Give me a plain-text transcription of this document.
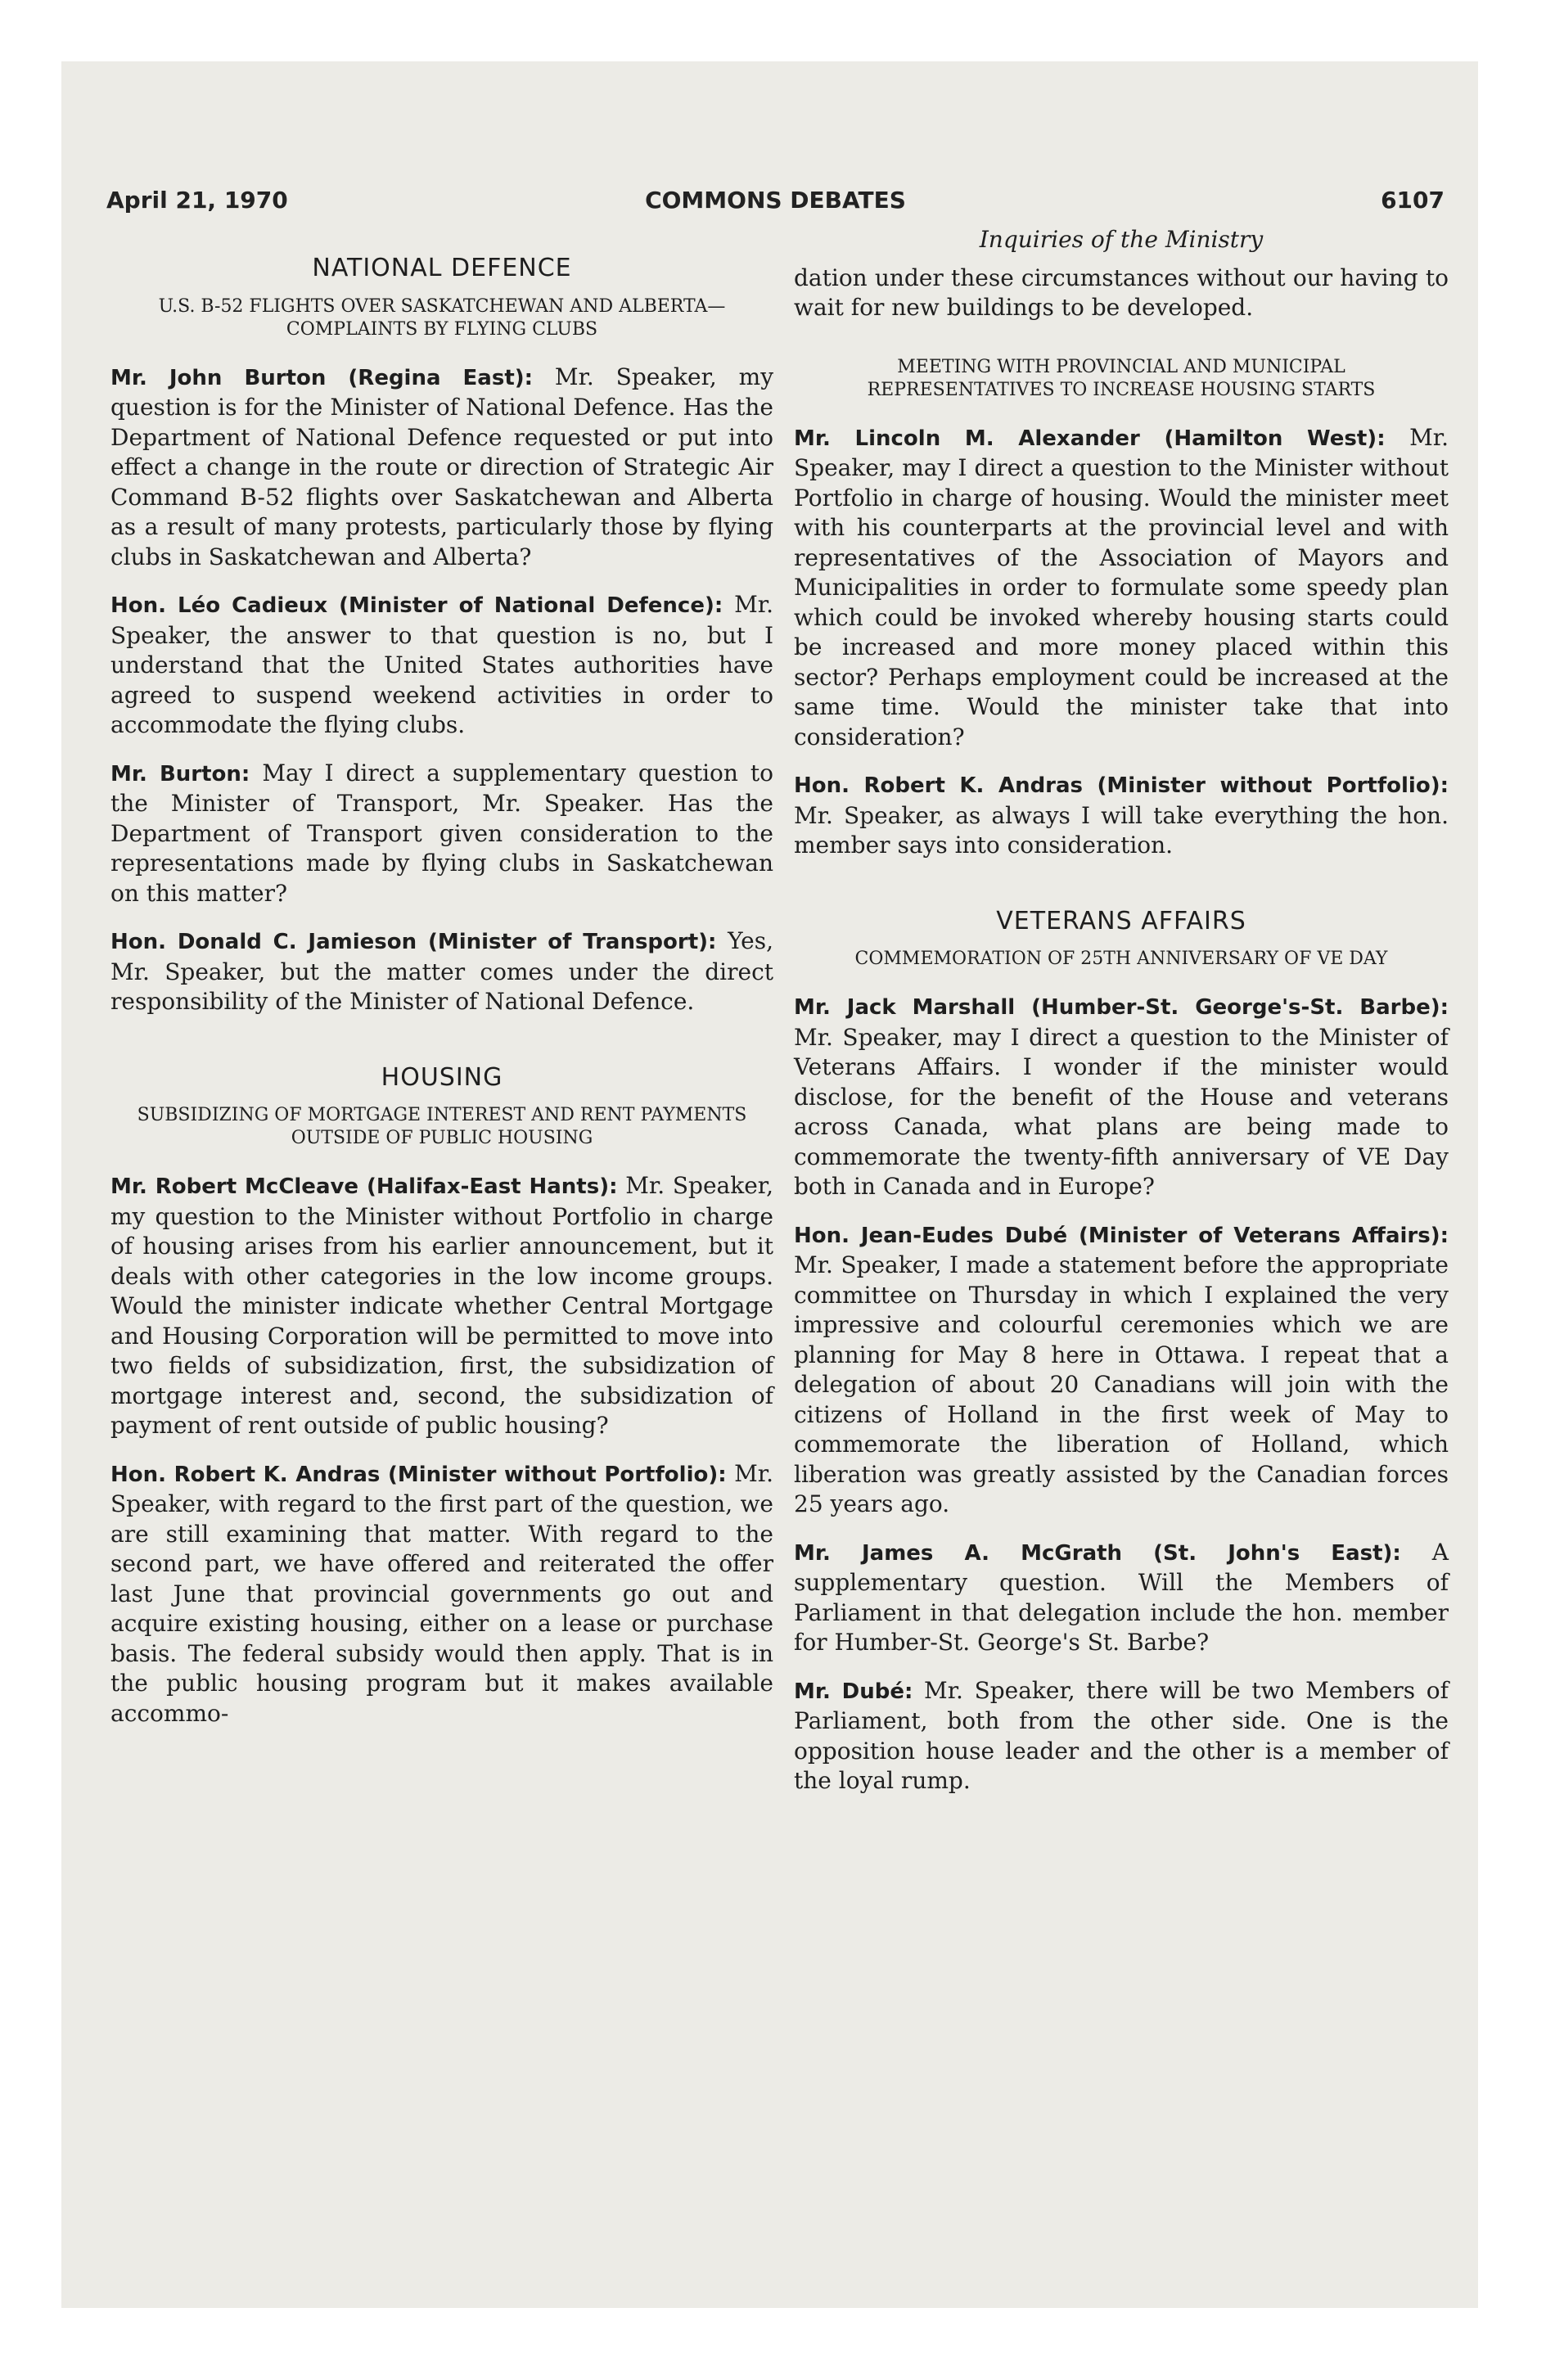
April 21, 1970	COMMONS DEBATES	6107
NATIONAL DEFENCE
U.S. B-52 FLIGHTS OVER SASKATCHEWAN AND ALBERTA—COMPLAINTS BY FLYING CLUBS

Mr. John Burton (Regina East): Mr. Speaker, my question is for the Minister of National Defence. Has the Department of National Defence requested or put into effect a change in the route or direction of Strategic Air Command B-52 flights over Saskatchewan and Alberta as a result of many protests, particularly those by flying clubs in Saskatchewan and Alberta?

Hon. Léo Cadieux (Minister of National Defence): Mr. Speaker, the answer to that question is no, but I understand that the United States authorities have agreed to suspend weekend activities in order to accommodate the flying clubs.

Mr. Burton: May I direct a supplementary question to the Minister of Transport, Mr. Speaker. Has the Department of Transport given consideration to the representations made by flying clubs in Saskatchewan on this matter?

Hon. Donald C. Jamieson (Minister of Transport): Yes, Mr. Speaker, but the matter comes under the direct responsibility of the Minister of National Defence.

HOUSING
SUBSIDIZING OF MORTGAGE INTEREST AND RENT PAYMENTS OUTSIDE OF PUBLIC HOUSING

Mr. Robert McCleave (Halifax-East Hants): Mr. Speaker, my question to the Minister without Portfolio in charge of housing arises from his earlier announcement, but it deals with other categories in the low income groups. Would the minister indicate whether Central Mortgage and Housing Corporation will be permitted to move into two fields of subsidization, first, the subsidization of mortgage interest and, second, the subsidization of payment of rent outside of public housing?

Hon. Robert K. Andras (Minister without Portfolio): Mr. Speaker, with regard to the first part of the question, we are still examining that matter. With regard to the second part, we have offered and reiterated the offer last June that provincial governments go out and acquire existing housing, either on a lease or purchase basis. The federal subsidy would then apply. That is in the public housing program but it makes available accommo-

Inquiries of the Ministry

dation under these circumstances without our having to wait for new buildings to be developed.

MEETING WITH PROVINCIAL AND MUNICIPAL REPRESENTATIVES TO INCREASE HOUSING STARTS

Mr. Lincoln M. Alexander (Hamilton West): Mr. Speaker, may I direct a question to the Minister without Portfolio in charge of housing. Would the minister meet with his counterparts at the provincial level and with representatives of the Association of Mayors and Municipalities in order to formulate some speedy plan which could be invoked whereby housing starts could be increased and more money placed within this sector? Perhaps employment could be increased at the same time. Would the minister take that into consideration?

Hon. Robert K. Andras (Minister without Portfolio): Mr. Speaker, as always I will take everything the hon. member says into consideration.

VETERANS AFFAIRS
COMMEMORATION OF 25TH ANNIVERSARY OF VE DAY

Mr. Jack Marshall (Humber-St. George's-St. Barbe): Mr. Speaker, may I direct a question to the Minister of Veterans Affairs. I wonder if the minister would disclose, for the benefit of the House and veterans across Canada, what plans are being made to commemorate the twenty-fifth anniversary of VE Day both in Canada and in Europe?

Hon. Jean-Eudes Dubé (Minister of Veterans Affairs): Mr. Speaker, I made a statement before the appropriate committee on Thursday in which I explained the very impressive and colourful ceremonies which we are planning for May 8 here in Ottawa. I repeat that a delegation of about 20 Canadians will join with the citizens of Holland in the first week of May to commemorate the liberation of Holland, which liberation was greatly assisted by the Canadian forces 25 years ago.

Mr. James A. McGrath (St. John's East): A supplementary question. Will the Members of Parliament in that delegation include the hon. member for Humber-St. George's St. Barbe?

Mr. Dubé: Mr. Speaker, there will be two Members of Parliament, both from the other side. One is the opposition house leader and the other is a member of the loyal rump.
